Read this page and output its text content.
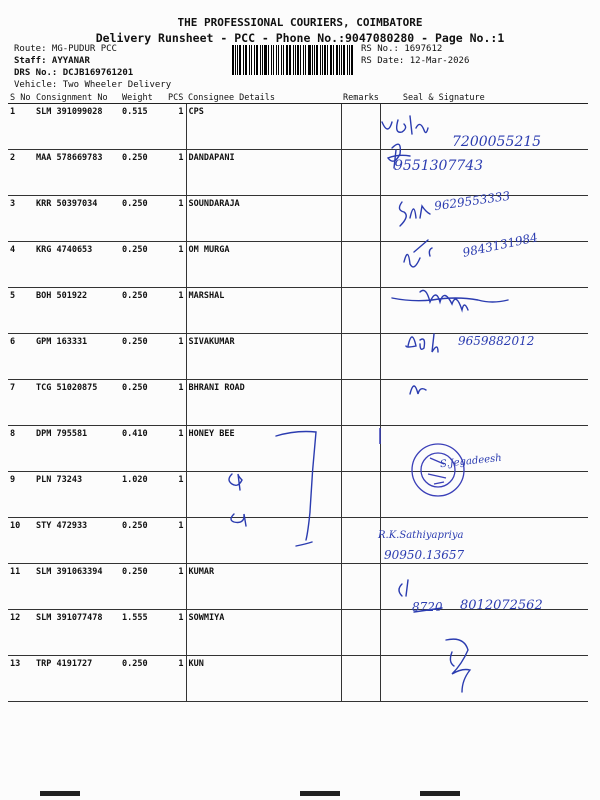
THE PROFESSIONAL COURIERS, COIMBATORE
Delivery Runsheet - PCC - Phone No.:9047080280 - Page No.:1
Route: MG-PUDUR PCC
Staff: AYYANAR
DRS No.: DCJB169761201
Vehicle: Two Wheeler Delivery
RS No.: 1697612
RS Date: 12-Mar-2026
S No	Consignment No	Weight	PCS	Consignee Details	Remarks	Seal & Signature
1	SLM 391099028	0.515	1	CPS		
2	MAA 578669783	0.250	1	DANDAPANI		
3	KRR 50397034	0.250	1	SOUNDARAJA		
4	KRG 4740653	0.250	1	OM MURGA		
5	BOH 501922	0.250	1	MARSHAL		
6	GPM 163331	0.250	1	SIVAKUMAR		
7	TCG 51020875	0.250	1	BHRANI ROAD		
8	DPM 795581	0.410	1	HONEY BEE		
9	PLN 73243	1.020	1			
10	STY 472933	0.250	1			
11	SLM 391063394	0.250	1	KUMAR		
12	SLM 391077478	1.555	1	SOWMIYA		
13	TRP 4191727	0.250	1	KUN		
7200055215
9551307743
9629553333
9843131984
9659882012
S.Jegadeesh
R.K.Sathiyapriya
90950.13657
8720 8012072562
